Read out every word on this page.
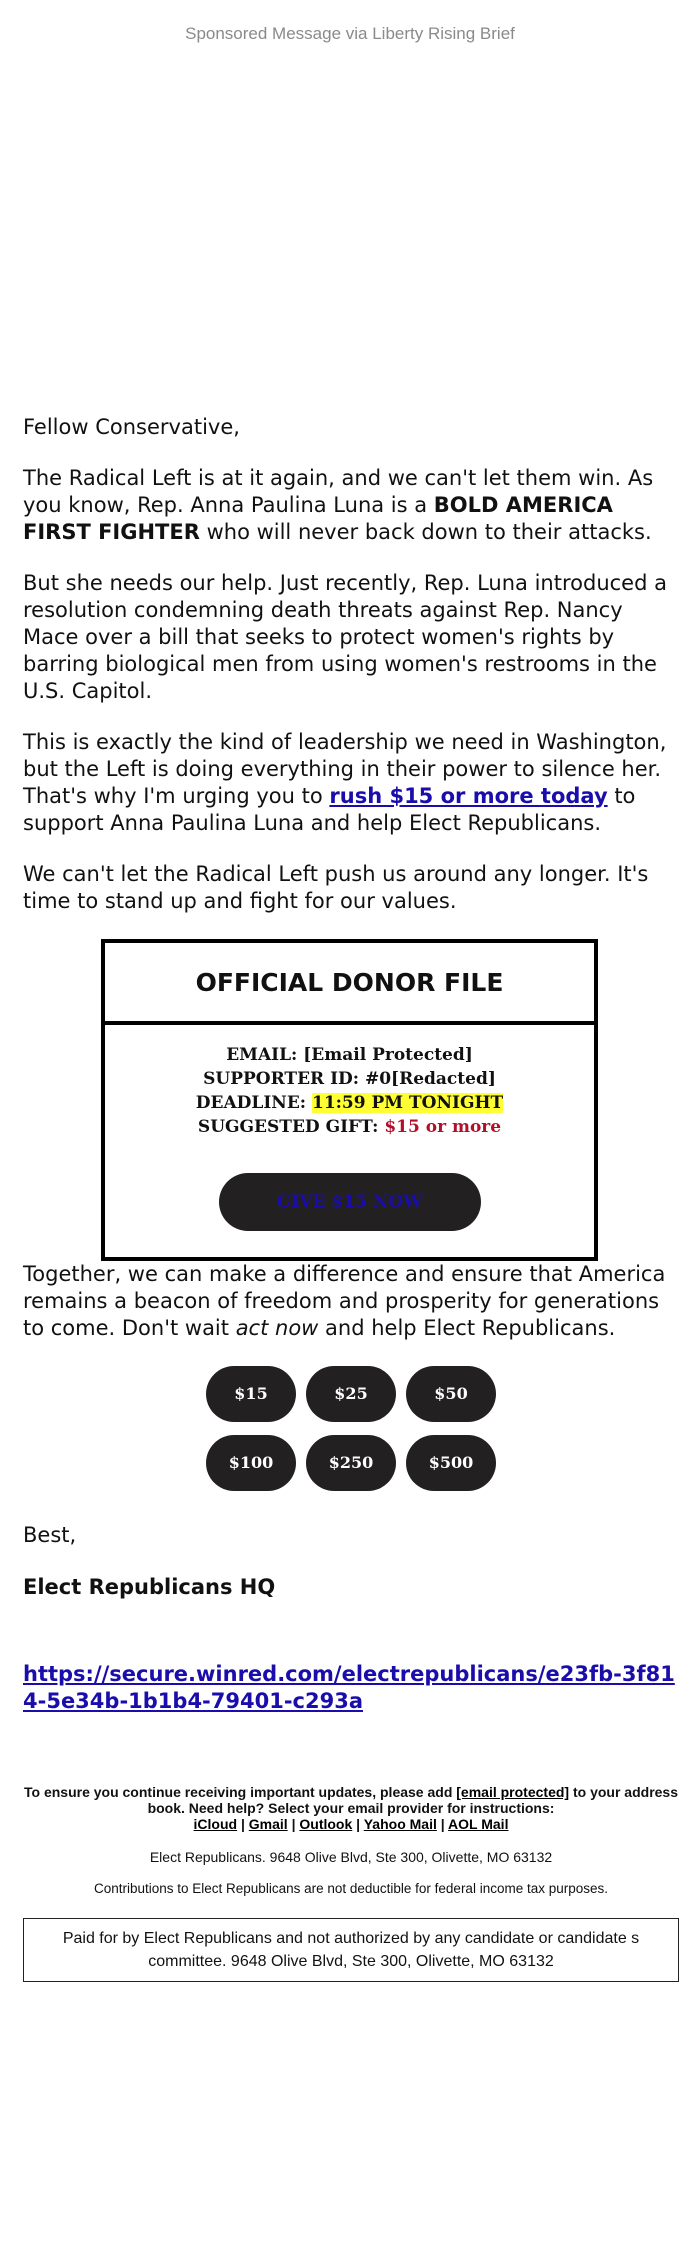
Sponsored Message via Liberty Rising Brief

Fellow Conservative,

The Radical Left is at it again, and we can't let them win. As you know, Rep. Anna Paulina Luna is a BOLD AMERICA FIRST FIGHTER who will never back down to their attacks.

But she needs our help. Just recently, Rep. Luna introduced a resolution condemning death threats against Rep. Nancy Mace over a bill that seeks to protect women's rights by barring biological men from using women's restrooms in the U.S. Capitol.

This is exactly the kind of leadership we need in Washington, but the Left is doing everything in their power to silence her. That's why I'm urging you to rush $15 or more today to support Anna Paulina Luna and help Elect Republicans.

We can't let the Radical Left push us around any longer. It's time to stand up and fight for our values.

OFFICIAL DONOR FILE
EMAIL: [Email Protected]
SUPPORTER ID: #0[Redacted]
DEADLINE: 11:59 PM TONIGHT
SUGGESTED GIFT: $15 or more
GIVE $15 NOW

Together, we can make a difference and ensure that America remains a beacon of freedom and prosperity for generations to come. Don't wait act now and help Elect Republicans.

$15	$25	$50
$100	$250	$500
Best,
Elect Republicans HQ
https://secure.winred.com/electrepublicans/e23fb-3f814-5e34b-1b1b4-79401-c293a
To ensure you continue receiving important updates, please add [email protected] to your address book. Need help? Select your email provider for instructions:
iCloud | Gmail | Outlook | Yahoo Mail | AOL Mail
Elect Republicans. 9648 Olive Blvd, Ste 300, Olivette, MO 63132
Contributions to Elect Republicans are not deductible for federal income tax purposes.
Paid for by Elect Republicans and not authorized by any candidate or candidate s committee. 9648 Olive Blvd, Ste 300, Olivette, MO 63132
